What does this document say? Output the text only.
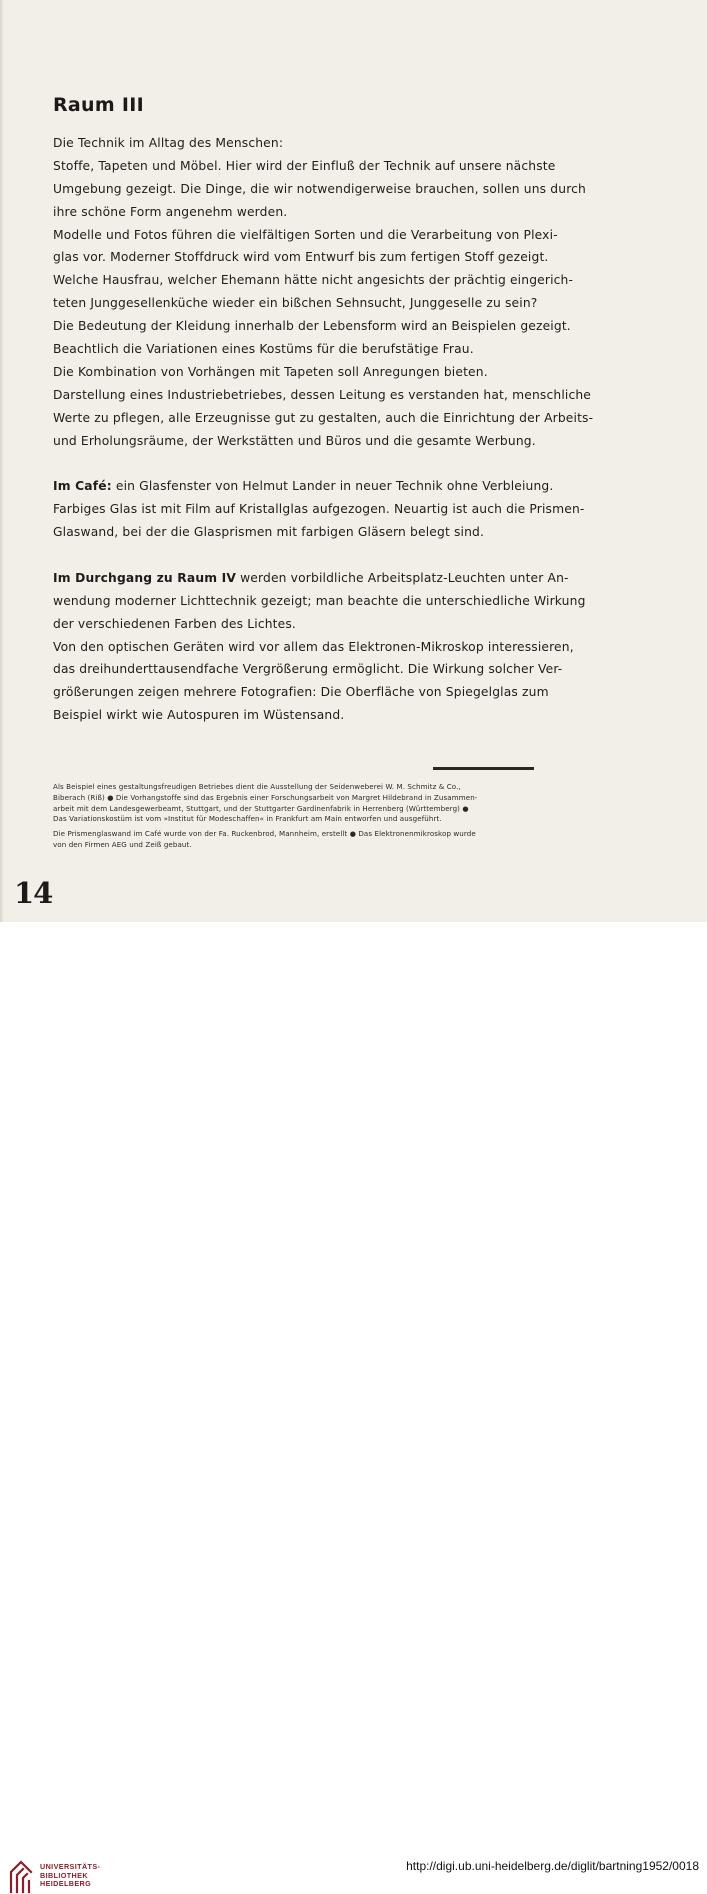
Raum III
Die Technik im Alltag des Menschen:
Stoffe, Tapeten und Möbel. Hier wird der Einfluß der Technik auf unsere nächste
Umgebung gezeigt. Die Dinge, die wir notwendigerweise brauchen, sollen uns durch
ihre schöne Form angenehm werden.
Modelle und Fotos führen die vielfältigen Sorten und die Verarbeitung von Plexi-
glas vor. Moderner Stoffdruck wird vom Entwurf bis zum fertigen Stoff gezeigt.
Welche Hausfrau, welcher Ehemann hätte nicht angesichts der prächtig eingerich-
teten Junggesellenküche wieder ein bißchen Sehnsucht, Junggeselle zu sein?
Die Bedeutung der Kleidung innerhalb der Lebensform wird an Beispielen gezeigt.
Beachtlich die Variationen eines Kostüms für die berufstätige Frau.
Die Kombination von Vorhängen mit Tapeten soll Anregungen bieten.
Darstellung eines Industriebetriebes, dessen Leitung es verstanden hat, menschliche
Werte zu pflegen, alle Erzeugnisse gut zu gestalten, auch die Einrichtung der Arbeits-
und Erholungsräume, der Werkstätten und Büros und die gesamte Werbung.
Im Café: ein Glasfenster von Helmut Lander in neuer Technik ohne Verbleiung.
Farbiges Glas ist mit Film auf Kristallglas aufgezogen. Neuartig ist auch die Prismen-
Glaswand, bei der die Glasprismen mit farbigen Gläsern belegt sind.
Im Durchgang zu Raum IV werden vorbildliche Arbeitsplatz-Leuchten unter An-
wendung moderner Lichttechnik gezeigt; man beachte die unterschiedliche Wirkung
der verschiedenen Farben des Lichtes.
Von den optischen Geräten wird vor allem das Elektronen-Mikroskop interessieren,
das dreihunderttausendfache Vergrößerung ermöglicht. Die Wirkung solcher Ver-
größerungen zeigen mehrere Fotografien: Die Oberfläche von Spiegelglas zum
Beispiel wirkt wie Autospuren im Wüstensand.
Als Beispiel eines gestaltungsfreudigen Betriebes dient die Ausstellung der Seidenweberei W. M. Schmitz & Co.,
Biberach (Riß) ● Die Vorhangstoffe sind das Ergebnis einer Forschungsarbeit von Margret Hildebrand in Zusammen-
arbeit mit dem Landesgewerbeamt, Stuttgart, und der Stuttgarter Gardinenfabrik in Herrenberg (Württemberg) ●
Das Variationskostüm ist vom »Institut für Modeschaffen« in Frankfurt am Main entworfen und ausgeführt.
Die Prismenglaswand im Café wurde von der Fa. Ruckenbrod, Mannheim, erstellt ● Das Elektronenmikroskop wurde
von den Firmen AEG und Zeiß gebaut.
14
UNIVERSITÄTS-
BIBLIOTHEK
HEIDELBERG
http://digi.ub.uni-heidelberg.de/diglit/bartning1952/0018
